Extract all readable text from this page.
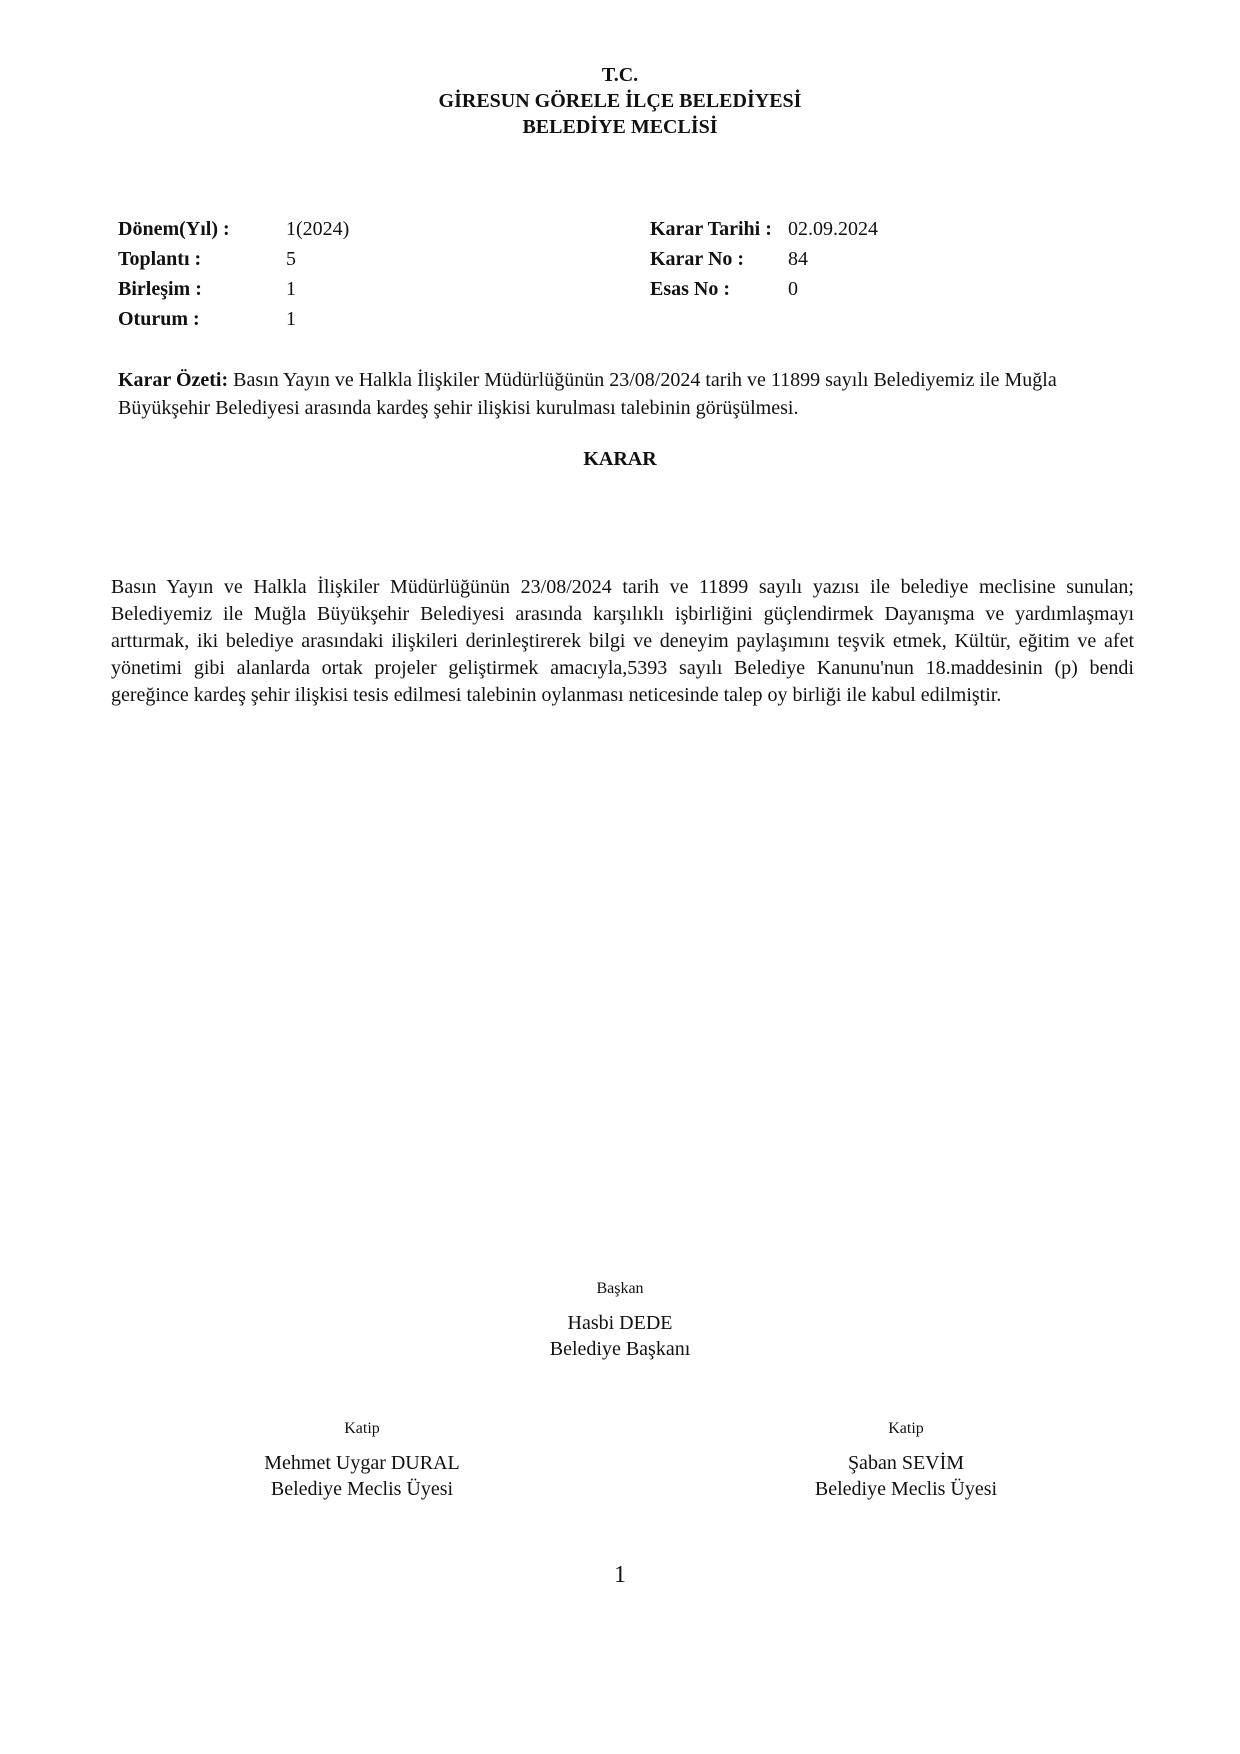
T.C.
GİRESUN GÖRELE İLÇE BELEDİYESİ
BELEDİYE MECLİSİ
Dönem(Yıl) :	1(2024)	Karar Tarihi : 02.09.2024
Toplantı :	5	Karar No :	84
Birleşim :	1	Esas No :	0
Oturum :	1
Karar Özeti: Basın Yayın ve Halkla İlişkiler Müdürlüğünün 23/08/2024 tarih ve 11899 sayılı Belediyemiz ile Muğla Büyükşehir Belediyesi arasında kardeş şehir ilişkisi kurulması talebinin görüşülmesi.
KARAR
Basın Yayın ve Halkla İlişkiler Müdürlüğünün 23/08/2024 tarih ve 11899 sayılı yazısı ile belediye meclisine sunulan; Belediyemiz ile Muğla Büyükşehir Belediyesi arasında karşılıklı işbirliğini güçlendirmek Dayanışma ve yardımlaşmayı arttırmak, iki belediye arasındaki ilişkileri derinleştirerek bilgi ve deneyim paylaşımını teşvik etmek, Kültür, eğitim ve afet yönetimi gibi alanlarda ortak projeler geliştirmek amacıyla,5393 sayılı Belediye Kanunu'nun 18.maddesinin (p) bendi gereğince kardeş şehir ilişkisi tesis edilmesi talebinin oylanması neticesinde talep oy birliği ile kabul edilmiştir.
Başkan
Hasbi DEDE
Belediye Başkanı
Katip
Mehmet Uygar DURAL
Belediye Meclis Üyesi
Katip
Şaban SEVİM
Belediye Meclis Üyesi
1
